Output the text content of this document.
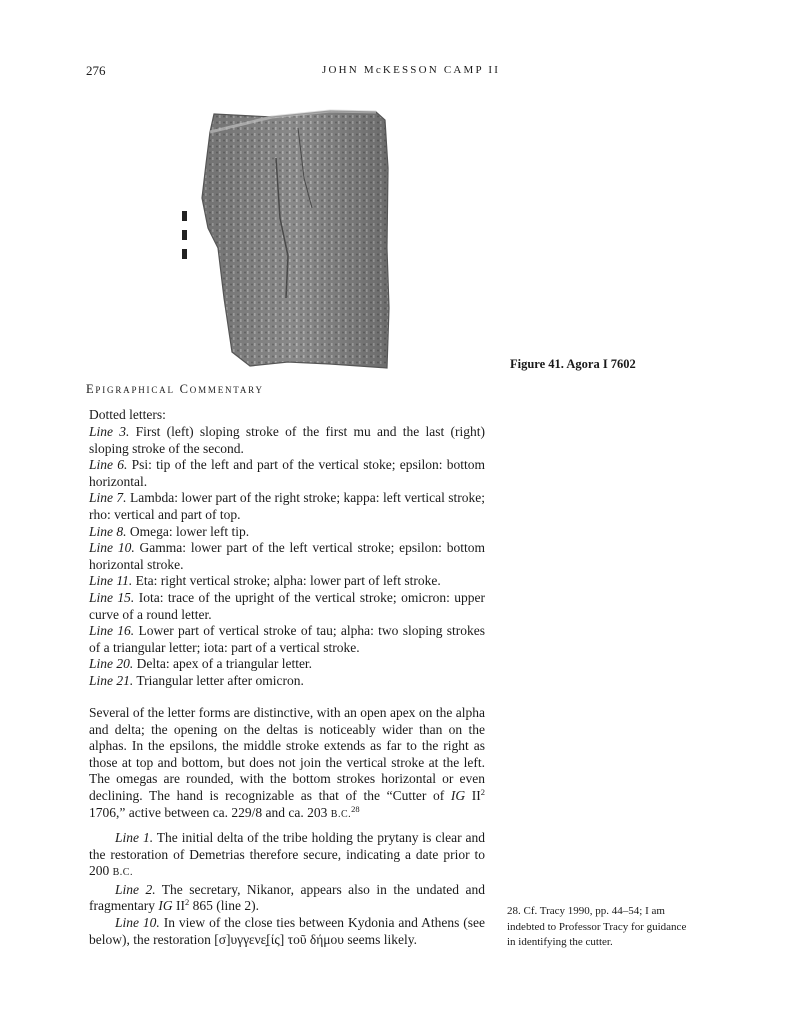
276	JOHN McKESSON CAMP II
Figure 41. Agora I 7602
Epigraphical Commentary
Dotted letters:

Line 3. First (left) sloping stroke of the first mu and the last (right) sloping stroke of the second.

Line 6. Psi: tip of the left and part of the vertical stoke; epsilon: bottom horizontal.

Line 7. Lambda: lower part of the right stroke; kappa: left vertical stroke; rho: vertical and part of top.

Line 8. Omega: lower left tip.

Line 10. Gamma: lower part of the left vertical stroke; epsilon: bottom horizontal stroke.

Line 11. Eta: right vertical stroke; alpha: lower part of left stroke.

Line 15. Iota: trace of the upright of the vertical stroke; omicron: upper curve of a round letter.

Line 16. Lower part of vertical stroke of tau; alpha: two sloping strokes of a triangular letter; iota: part of a vertical stroke.

Line 20. Delta: apex of a triangular letter.

Line 21. Triangular letter after omicron.

Several of the letter forms are distinctive, with an open apex on the alpha and delta; the opening on the deltas is noticeably wider than on the alphas. In the epsilons, the middle stroke extends as far to the right as those at top and bottom, but does not join the vertical stroke at the left. The omegas are rounded, with the bottom strokes horizontal or even declining. The hand is recognizable as that of the “Cutter of IG $II^2$ 1706,” active between ca. 229/8 and ca. 203 B.C.$^{28}$

Line 1. The initial delta of the tribe holding the prytany is clear and the restoration of Demetrias therefore secure, indicating a date prior to 200 B.C.

Line 2. The secretary, Nikanor, appears also in the undated and fragmentary IG $II^2$ 865 (line 2).

Line 10. In view of the close ties between Kydonia and Athens (see below), the restoration [σ]υγγενε̣[ίς] τοῦ δήμου seems likely.

28. Cf. Tracy 1990, pp. 44–54; I am indebted to Professor Tracy for guidance in identifying the cutter.
